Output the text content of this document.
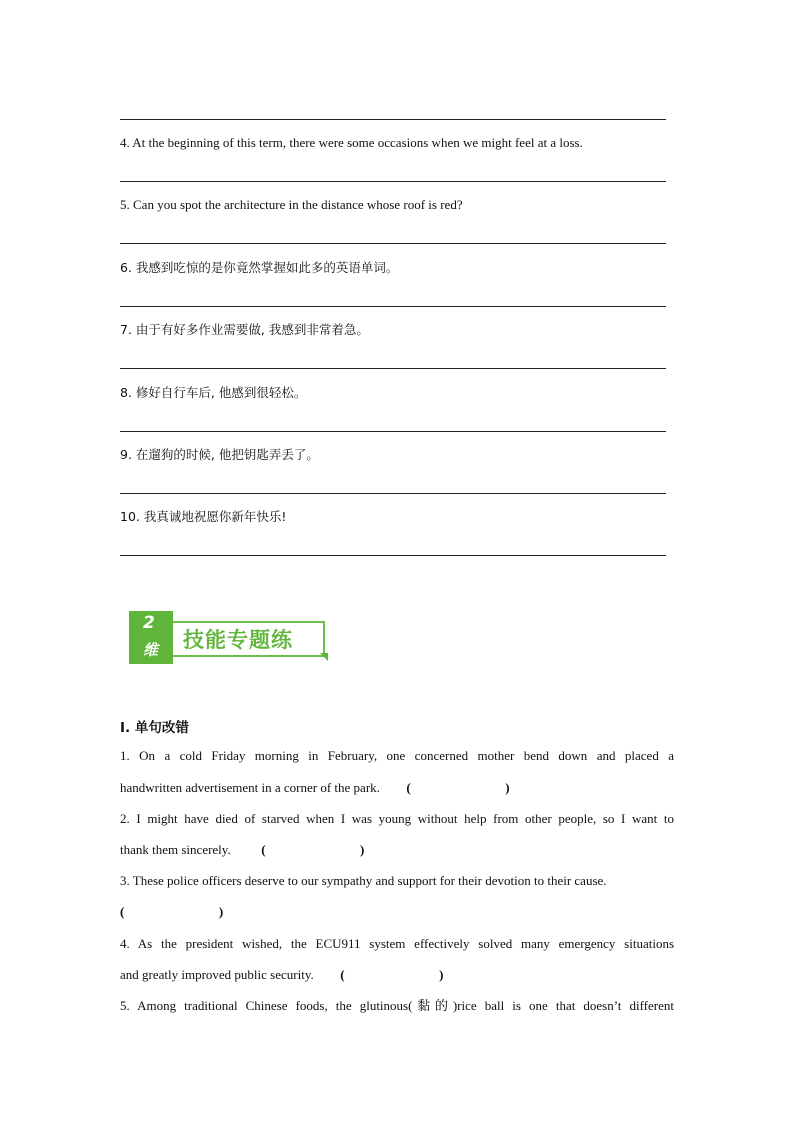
4. At the beginning of this term, there were some occasions when we might feel at a loss.
5. Can you spot the architecture in the distance whose roof is red?
6. 我感到吃惊的是你竟然掌握如此多的英语单词。
7. 由于有好多作业需要做, 我感到非常着急。
8. 修好自行车后, 他感到很轻松。
9. 在遛狗的时候, 他把钥匙弄丢了。
10. 我真诚地祝愿你新年快乐!
2
维 技能专题练
I. 单句改错
1. On a cold Friday morning in February, one concerned mother bend down and placed a
handwritten advertisement in a corner of the park. (	)
2. I might have died of starved when I was young without help from other people, so I want to
thank them sincerely. (	)
3. These police officers deserve to our sympathy and support for their devotion to their cause.
(	)
4. As the president wished, the ECU911 system effectively solved many emergency situations
and greatly improved public security. (	)
5. Among traditional Chinese foods, the glutinous(黏的)rice ball is one that doesn’t different
